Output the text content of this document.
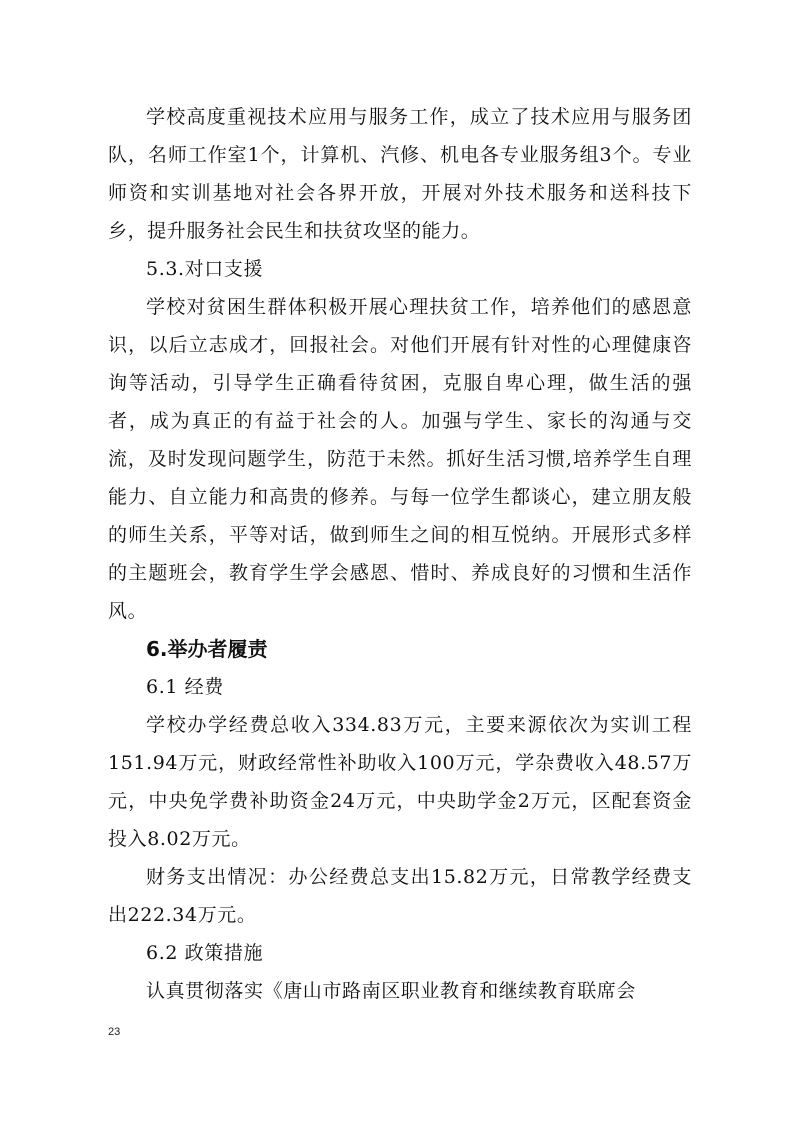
学校高度重视技术应用与服务工作，成立了技术应用与服务团队，名师工作室1个，计算机、汽修、机电各专业服务组3个。专业师资和实训基地对社会各界开放，开展对外技术服务和送科技下乡，提升服务社会民生和扶贫攻坚的能力。

5.3.对口支援

学校对贫困生群体积极开展心理扶贫工作，培养他们的感恩意识，以后立志成才，回报社会。对他们开展有针对性的心理健康咨询等活动，引导学生正确看待贫困，克服自卑心理，做生活的强者，成为真正的有益于社会的人。加强与学生、家长的沟通与交流，及时发现问题学生，防范于未然。抓好生活习惯,培养学生自理能力、自立能力和高贵的修养。与每一位学生都谈心，建立朋友般的师生关系，平等对话，做到师生之间的相互悦纳。开展形式多样的主题班会，教育学生学会感恩、惜时、养成良好的习惯和生活作风。

6.举办者履责

6.1 经费

学校办学经费总收入334.83万元，主要来源依次为实训工程151.94万元，财政经常性补助收入100万元，学杂费收入48.57万元，中央免学费补助资金24万元，中央助学金2万元，区配套资金投入8.02万元。

财务支出情况：办公经费总支出15.82万元，日常教学经费支出222.34万元。

6.2 政策措施

认真贯彻落实《唐山市路南区职业教育和继续教育联席会

23
